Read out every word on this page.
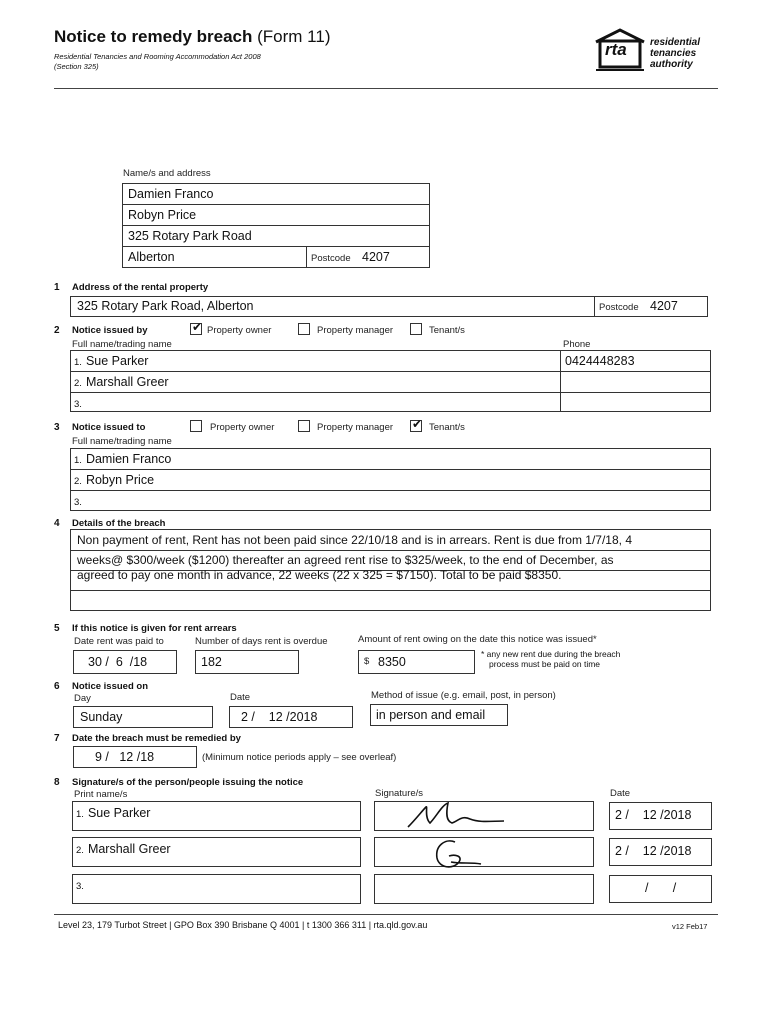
Notice to remedy breach (Form 11)
Residential Tenancies and Rooming Accommodation Act 2008
(Section 325)
rta residential
tenancies
authority
Name/s and address
Damien Franco
Robyn Price
325 Rotary Park Road
Alberton	Postcode 4207
1 Address of the rental property
325 Rotary Park Road, Alberton	Postcode 4207
2 Notice issued by	✔ Property owner	Property manager	Tenant/s
Full name/trading name	Phone
1. Sue Parker	0424448283
2. Marshall Greer
3.
3 Notice issued to	Property owner	Property manager ✔ Tenant/s
Full name/trading name
1. Damien Franco
2. Robyn Price
3.
4 Details of the breach
Non payment of rent, Rent has not been paid since 22/10/18 and is in arrears. Rent is due from 1/7/18, 4
weeks@ $300/week ($1200) thereafter an agreed rent rise to $325/week, to the end of December, as
agreed to pay one month in advance, 22 weeks (22 x 325 = $7150). Total to be paid $8350.
5 If this notice is given for rent arrears
Date rent was paid to	Number of days rent is overdue	Amount of rent owing on the date this notice was issued*
30 /  6  /18	182	$ 8350
* any new rent due during the breach
process must be paid on time
6 Notice issued on
Day	Date	Method of issue (e.g. email, post, in person)
Sunday	2 /    12 /2018	in person and email
7 Date the breach must be remedied by
9 /   12 /18	(Minimum notice periods apply – see overleaf)
8 Signature/s of the person/people issuing the notice
Print name/s	Signature/s	Date
1. Sue Parker	2 /    12 /2018
2. Marshall Greer	2 /    12 /2018
3.	/       /
Level 23, 179 Turbot Street | GPO Box 390 Brisbane Q 4001 | t 1300 366 311 | rta.qld.gov.au	v12 Feb17
